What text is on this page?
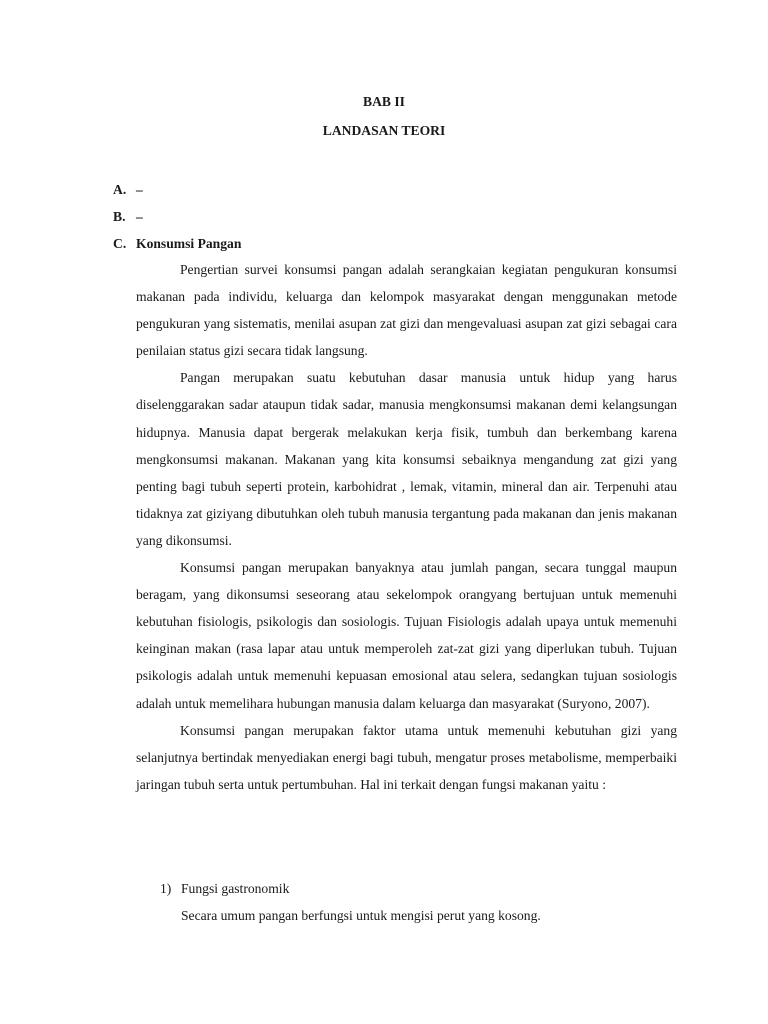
BAB II
LANDASAN TEORI
A. –
B. –
C. Konsumsi Pangan

Pengertian survei konsumsi pangan adalah serangkaian kegiatan pengukuran konsumsi makanan pada individu, keluarga dan kelompok masyarakat dengan menggunakan metode pengukuran yang sistematis, menilai asupan zat gizi dan mengevaluasi asupan zat gizi sebagai cara penilaian status gizi secara tidak langsung.

Pangan merupakan suatu kebutuhan dasar manusia untuk hidup yang harus diselenggarakan sadar ataupun tidak sadar, manusia mengkonsumsi makanan demi kelangsungan hidupnya. Manusia dapat bergerak melakukan kerja fisik, tumbuh dan berkembang karena mengkonsumsi makanan. Makanan yang kita konsumsi sebaiknya mengandung zat gizi yang penting bagi tubuh seperti protein, karbohidrat , lemak, vitamin, mineral dan air. Terpenuhi atau tidaknya zat giziyang dibutuhkan oleh tubuh manusia tergantung pada makanan dan jenis makanan yang dikonsumsi.

Konsumsi pangan merupakan banyaknya atau jumlah pangan, secara tunggal maupun beragam, yang dikonsumsi seseorang atau sekelompok orangyang bertujuan untuk memenuhi kebutuhan fisiologis, psikologis dan sosiologis. Tujuan Fisiologis adalah upaya untuk memenuhi keinginan makan (rasa lapar atau untuk memperoleh zat-zat gizi yang diperlukan tubuh. Tujuan psikologis adalah untuk memenuhi kepuasan emosional atau selera, sedangkan tujuan sosiologis adalah untuk memelihara hubungan manusia dalam keluarga dan masyarakat (Suryono, 2007).

Konsumsi pangan merupakan faktor utama untuk memenuhi kebutuhan gizi yang selanjutnya bertindak menyediakan energi bagi tubuh, mengatur proses metabolisme, memperbaiki jaringan tubuh serta untuk pertumbuhan. Hal ini terkait dengan fungsi makanan yaitu :

1) Fungsi gastronomik
Secara umum pangan berfungsi untuk mengisi perut yang kosong.
